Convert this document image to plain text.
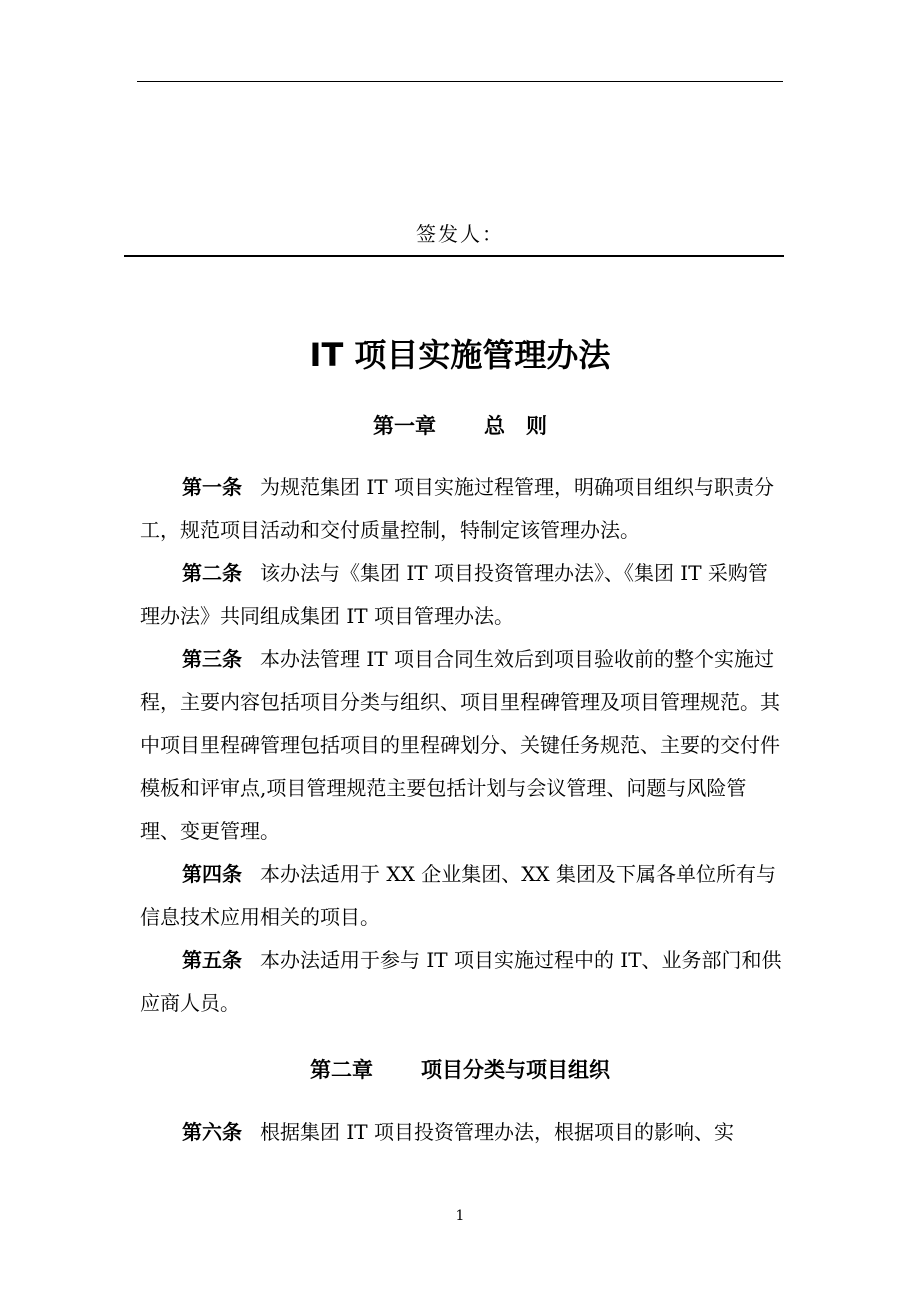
签发人：
IT 项目实施管理办法
第一章 总　则

第一条 为规范集团 IT 项目实施过程管理，明确项目组织与职责分工，规范项目活动和交付质量控制，特制定该管理办法。

第二条 该办法与《集团 IT 项目投资管理办法》、《集团 IT 采购管理办法》共同组成集团 IT 项目管理办法。

第三条 本办法管理 IT 项目合同生效后到项目验收前的整个实施过程，主要内容包括项目分类与组织、项目里程碑管理及项目管理规范。其中项目里程碑管理包括项目的里程碑划分、关键任务规范、主要的交付件模板和评审点,项目管理规范主要包括计划与会议管理、问题与风险管理、变更管理。

第四条 本办法适用于 XX 企业集团、XX 集团及下属各单位所有与信息技术应用相关的项目。

第五条 本办法适用于参与 IT 项目实施过程中的 IT、业务部门和供应商人员。

第二章 项目分类与项目组织

第六条 根据集团 IT 项目投资管理办法，根据项目的影响、实

1
